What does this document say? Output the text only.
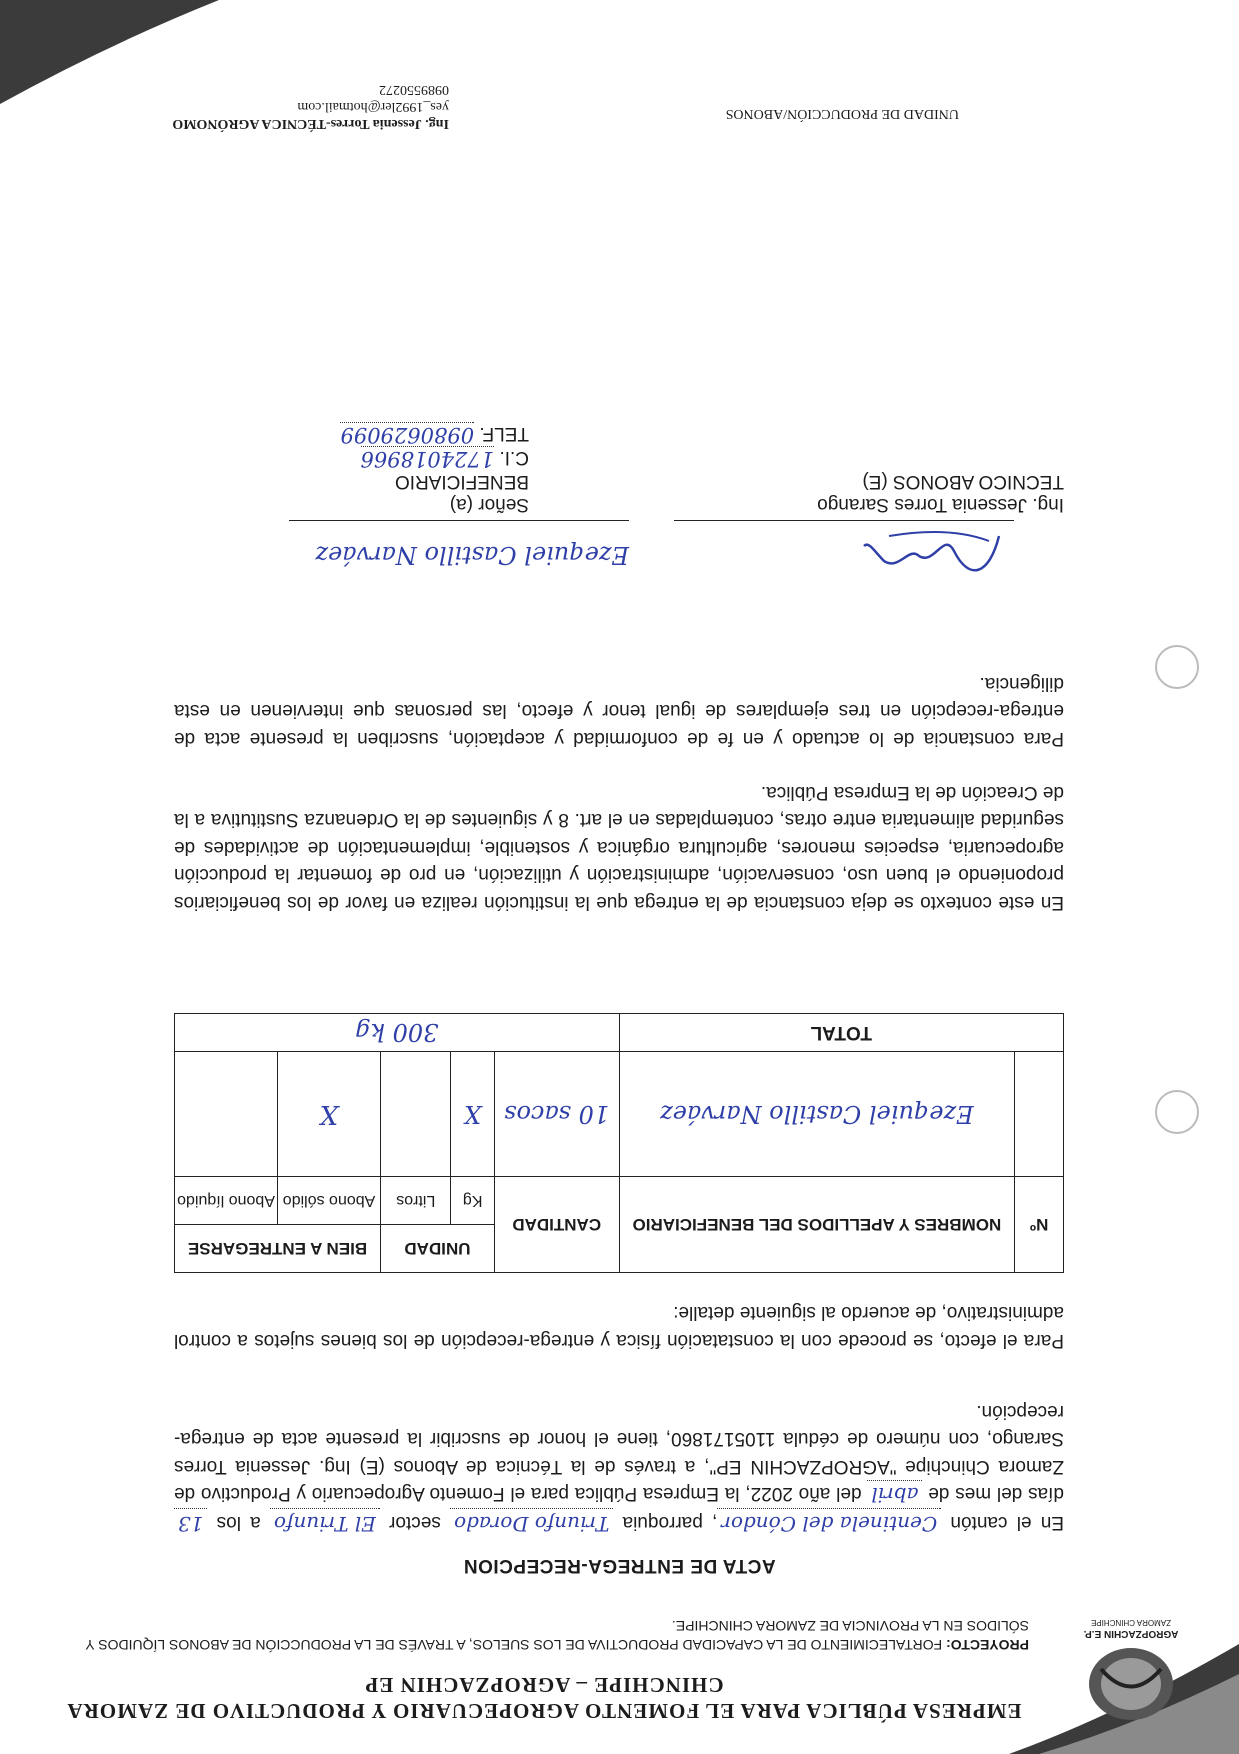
AGROPZACHIN E.P.
ZAMORA CHINCHIPE
EMPRESA PÚBLICA PARA EL FOMENTO AGROPECUARIO Y PRODUCTIVO DE ZAMORA CHINCHIPE – AGROPZACHIN EP
PROYECTO: FORTALECIMIENTO DE LA CAPACIDAD PRODUCTIVA DE LOS SUELOS, A TRAVÉS DE LA PRODUCCIÓN DE ABONOS LÍQUIDOS Y SÓLIDOS EN LA PROVINCIA DE ZAMORA CHINCHIPE.
ACTA DE ENTREGA-RECEPCION
En el cantón Centinela del Cóndor, parroquia Triunfo Dorado sector El Triunfo a los 13 días del mes de abril del año 2022, la Empresa Pública para el Fomento Agropecuario y Productivo de Zamora Chinchipe "AGROPZACHIN EP", a través de la Técnica de Abonos (E) Ing. Jessenia Torres Sarango, con número de cédula 1105171860, tiene el honor de suscribir la presente acta de entrega-recepción.
Para el efecto, se procede con la constatación física y entrega-recepción de los bienes sujetos a control administrativo, de acuerdo al siguiente detalle:
Nº	NOMBRES Y APELLIDOS DEL BENEFICIARIO	CANTIDAD	UNIDAD		BIEN A ENTREGARSE	
			Kg	Litros	Abono sólido	Abono líquido
	Ezequiel Castillo Narváez	10 sacos	X		X	
TOTAL		300 kg				
En este contexto se deja constancia de la entrega que la institución realiza en favor de los beneficiarios proponiendo el buen uso, conservación, administración y utilización, en pro de fomentar la producción agropecuaria, especies menores, agricultura orgánica y sostenible, implementación de actividades de seguridad alimentaria entre otras, contempladas en el art. 8 y siguientes de la Ordenanza Sustitutiva a la de Creación de la Empresa Pública.
Para constancia de lo actuado y en fe de conformidad y aceptación, suscriben la presente acta de entrega-recepción en tres ejemplares de igual tenor y efecto, las personas que intervienen en esta diligencia.
Ezequiel Castillo Narváez
Ing. Jessenia Torres Sarango
TECNICO ABONOS (E)
Señor (a)
BENEFICIARIO
C.I. 1724018966
TELF. 0980629099
UNIDAD DE PRODUCCIÓN/ABONOS
Ing. Jessenia Torres-TÉCNICA AGRÓNOMO
yes_1992ler@hotmail.com
0989550272
